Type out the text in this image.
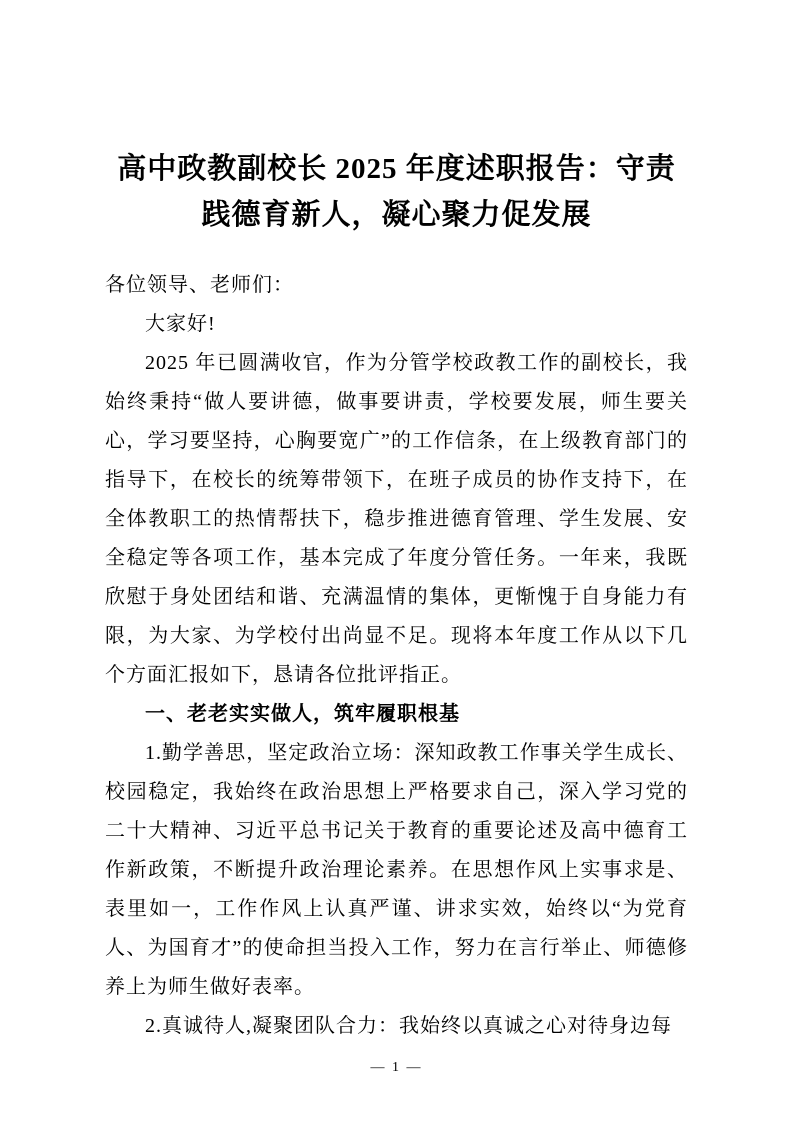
高中政教副校长 2025 年度述职报告：守责
践德育新人，凝心聚力促发展

各位领导、老师们：

大家好!

2025 年已圆满收官，作为分管学校政教工作的副校长，我始终秉持“做人要讲德，做事要讲责，学校要发展，师生要关心，学习要坚持，心胸要宽广”的工作信条，在上级教育部门的指导下，在校长的统筹带领下，在班子成员的协作支持下，在全体教职工的热情帮扶下，稳步推进德育管理、学生发展、安全稳定等各项工作，基本完成了年度分管任务。一年来，我既欣慰于身处团结和谐、充满温情的集体，更惭愧于自身能力有限，为大家、为学校付出尚显不足。现将本年度工作从以下几个方面汇报如下，恳请各位批评指正。

一、老老实实做人，筑牢履职根基

1.勤学善思，坚定政治立场：深知政教工作事关学生成长、校园稳定，我始终在政治思想上严格要求自己，深入学习党的二十大精神、习近平总书记关于教育的重要论述及高中德育工作新政策，不断提升政治理论素养。在思想作风上实事求是、表里如一，工作作风上认真严谨、讲求实效，始终以“为党育人、为国育才”的使命担当投入工作，努力在言行举止、师德修养上为师生做好表率。

2.真诚待人,凝聚团队合力：我始终以真诚之心对待身边每

— 1 —
